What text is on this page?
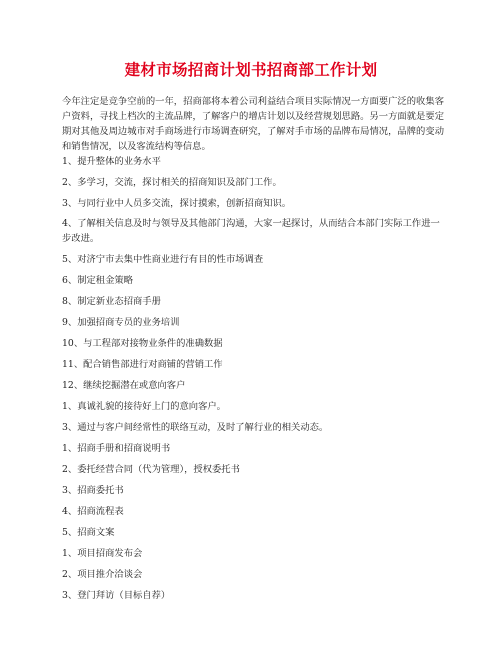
建材市场招商计划书招商部工作计划
今年注定是竞争空前的一年，招商部将本着公司利益结合项目实际情况一方面要广泛的收集客户资料，寻找上档次的主流品牌，了解客户的增店计划以及经营规划思路。另一方面就是要定期对其他及周边城市对手商场进行市场调查研究，了解对手市场的品牌布局情况，品牌的变动和销售情况，以及客流结构等信息。
1、提升整体的业务水平
2、多学习，交流，探讨相关的招商知识及部门工作。
3、与同行业中人员多交流，探讨摸索，创新招商知识。
4、了解相关信息及时与领导及其他部门沟通，大家一起探讨，从而结合本部门实际工作进一步改进。
5、对济宁市去集中性商业进行有目的性市场调查
6、制定租金策略
8、制定新业态招商手册
9、加强招商专员的业务培训
10、与工程部对接物业条件的准确数据
11、配合销售部进行对商铺的营销工作
12、继续挖掘潜在或意向客户
1、真诚礼貌的接待好上门的意向客户。
3、通过与客户间经常性的联络互动，及时了解行业的相关动态。
1、招商手册和招商说明书
2、委托经营合同（代为管理），授权委托书
3、招商委托书
4、招商流程表
5、招商文案
1、项目招商发布会
2、项目推介洽谈会
3、登门拜访（目标自荐）
